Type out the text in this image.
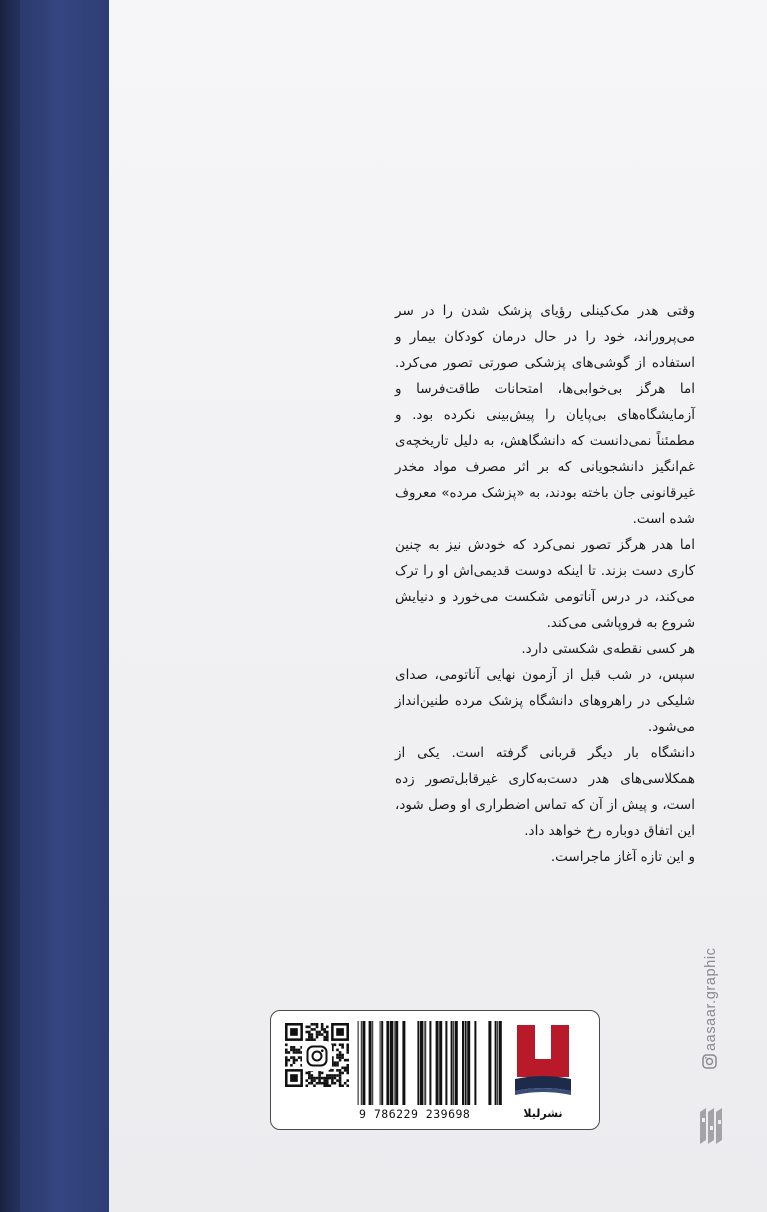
وقتی هدر مک‌کینلی رؤیای پزشک شدن را در سر می‌پروراند، خود را در حال درمان کودکان بیمار و استفاده از گوشی‌های پزشکی صورتی تصور می‌کرد. اما هرگز بی‌خوابی‌ها، امتحانات طاقت‌فرسا و آزمایشگاه‌های بی‌پایان را پیش‌بینی نکرده بود. و مطمئناً نمی‌دانست که دانشگاهش، به دلیل تاریخچه‌ی غم‌انگیز دانشجویانی که بر اثر مصرف مواد مخدر غیرقانونی جان باخته بودند، به «پزشک مرده» معروف شده است.

اما هدر هرگز تصور نمی‌کرد که خودش نیز به چنین کاری دست بزند. تا اینکه دوست قدیمی‌اش او را ترک می‌کند، در درس آناتومی شکست می‌خورد و دنیایش شروع به فروپاشی می‌کند.

هر کسی نقطه‌ی شکستی دارد.

سپس، در شب قبل از آزمون نهایی آناتومی، صدای شلیکی در راهروهای دانشگاه پزشک مرده طنین‌انداز می‌شود.

دانشگاه بار دیگر قربانی گرفته است. یکی از همکلاسی‌های هدر دست‌به‌کاری غیرقابل‌تصور زده است، و پیش از آن که تماس اضطراری او وصل شود، این اتفاق دوباره رخ خواهد داد.

و این تازه آغاز ماجراست.

aasaar.graphic
9 786229 239698	نشرلیلا
